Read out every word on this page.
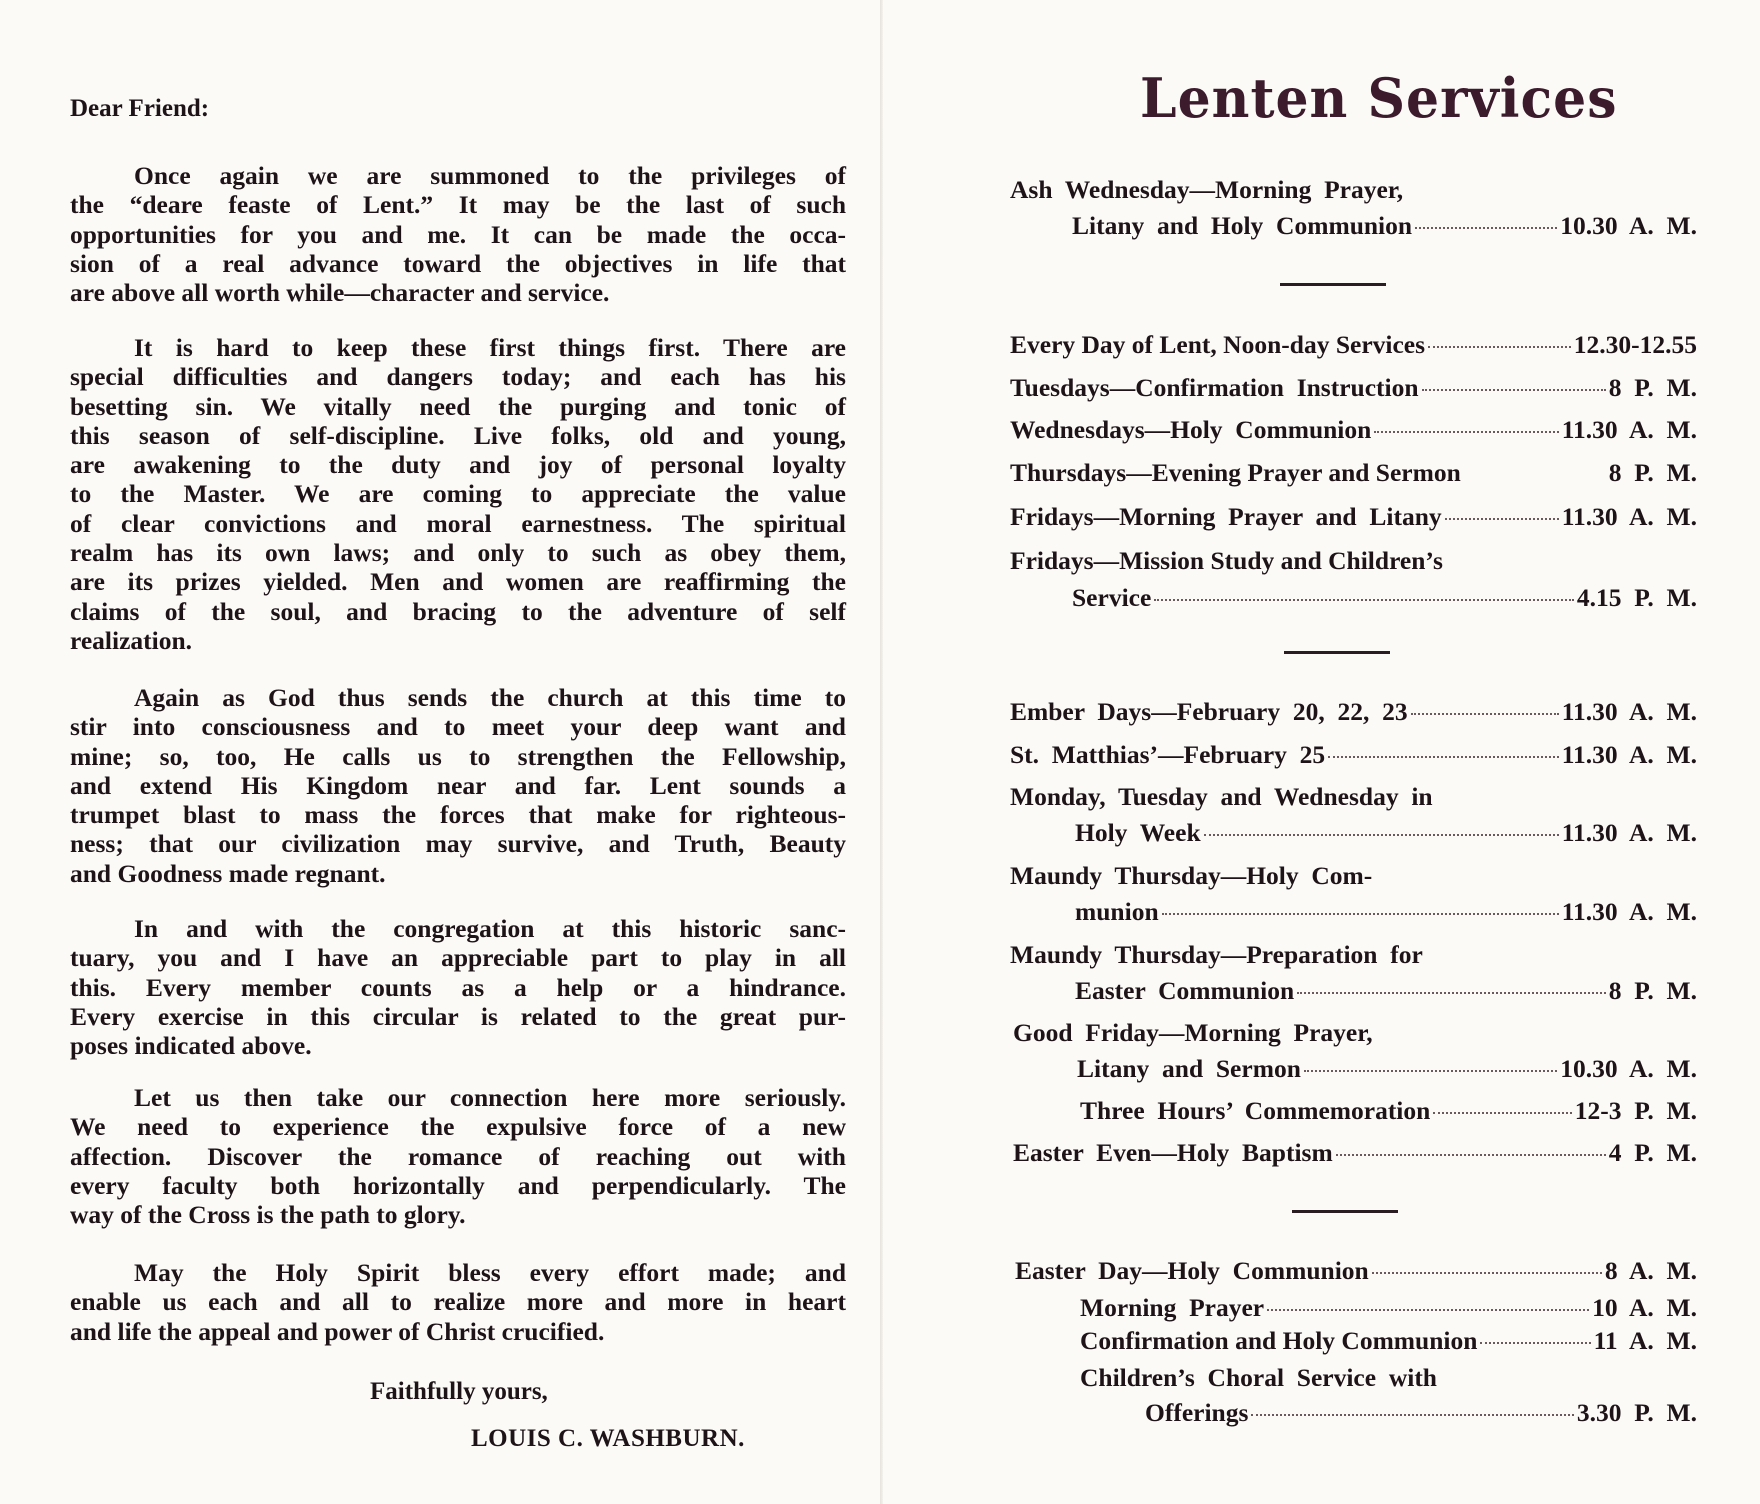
Dear Friend:
Once again we are summoned to the privileges of
the “deare feaste of Lent.” It may be the last of such
opportunities for you and me. It can be made the occa-
sion of a real advance toward the objectives in life that
are above all worth while—character and service.
It is hard to keep these first things first. There are
special difficulties and dangers today; and each has his
besetting sin. We vitally need the purging and tonic of
this season of self-discipline. Live folks, old and young,
are awakening to the duty and joy of personal loyalty
to the Master. We are coming to appreciate the value
of clear convictions and moral earnestness. The spiritual
realm has its own laws; and only to such as obey them,
are its prizes yielded. Men and women are reaffirming the
claims of the soul, and bracing to the adventure of self
realization.
Again as God thus sends the church at this time to
stir into consciousness and to meet your deep want and
mine; so, too, He calls us to strengthen the Fellowship,
and extend His Kingdom near and far. Lent sounds a
trumpet blast to mass the forces that make for righteous-
ness; that our civilization may survive, and Truth, Beauty
and Goodness made regnant.
In and with the congregation at this historic sanc-
tuary, you and I have an appreciable part to play in all
this. Every member counts as a help or a hindrance.
Every exercise in this circular is related to the great pur-
poses indicated above.
Let us then take our connection here more seriously.
We need to experience the expulsive force of a new
affection. Discover the romance of reaching out with
every faculty both horizontally and perpendicularly. The
way of the Cross is the path to glory.
May the Holy Spirit bless every effort made; and
enable us each and all to realize more and more in heart
and life the appeal and power of Christ crucified.
Faithfully yours,
LOUIS C. WASHBURN.
Lenten Services
Ash  Wednesday—Morning  Prayer,
Litany  and  Holy  Communion	10.30  A.  M.
Every Day of Lent, Noon-day Services	12.30-12.55
Tuesdays—Confirmation  Instruction	8  P.  M.
Wednesdays—Holy  Communion	11.30  A.  M.
Thursdays—Evening Prayer and Sermon	8  P.  M.
Fridays—Morning  Prayer  and  Litany	11.30  A.  M.
Fridays—Mission Study and Children’s
Service	4.15  P.  M.
Ember  Days—February  20,  22,  23	11.30  A.  M.
St.  Matthias’—February  25	11.30  A.  M.
Monday,  Tuesday  and  Wednesday  in
Holy  Week	11.30  A.  M.
Maundy  Thursday—Holy  Com-
munion	11.30  A.  M.
Maundy  Thursday—Preparation  for
Easter  Communion	8  P.  M.
Good  Friday—Morning  Prayer,
Litany  and  Sermon	10.30  A.  M.
Three  Hours’  Commemoration	12-3  P.  M.
Easter  Even—Holy  Baptism	4  P.  M.
Easter  Day—Holy  Communion	8  A.  M.
Morning  Prayer	10  A.  M.
Confirmation and Holy Communion	11  A.  M.
Children’s  Choral  Service  with
Offerings	3.30  P.  M.
